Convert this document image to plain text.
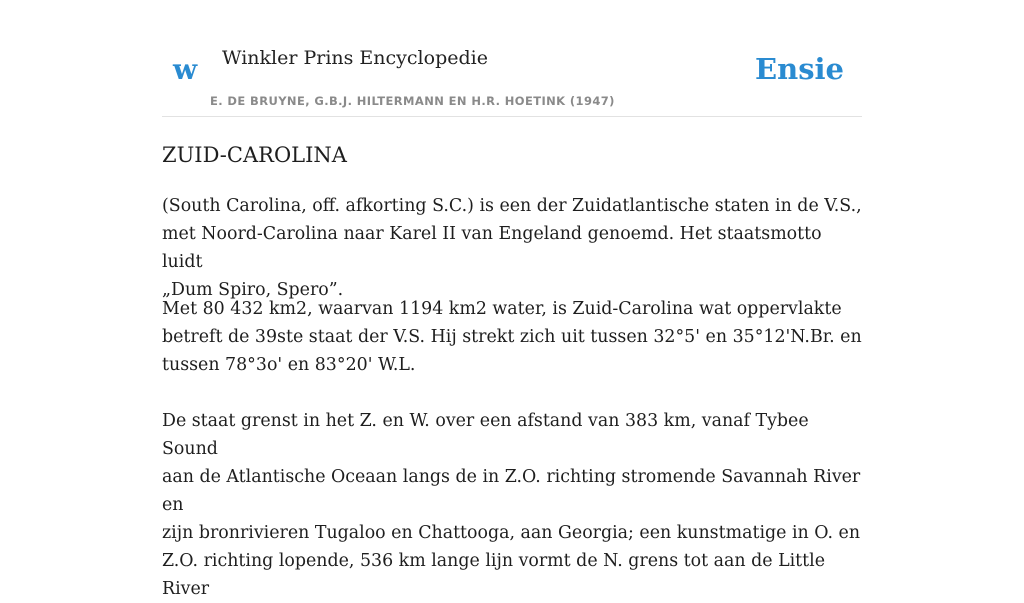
w Winkler Prins Encyclopedie
E. DE BRUYNE, G.B.J. HILTERMANN EN H.R. HOETINK (1947)
Ensie
ZUID-CAROLINA

(South Carolina, off. afkorting S.C.) is een der Zuidatlantische staten in de V.S.,
met Noord-Carolina naar Karel II van Engeland genoemd. Het staatsmotto luidt
„Dum Spiro, Spero”.

Met 80 432 km2, waarvan 1194 km2 water, is Zuid-Carolina wat oppervlakte
betreft de 39ste staat der V.S. Hij strekt zich uit tussen 32°5' en 35°12'N.Br. en
tussen 78°3o' en 83°20' W.L.

De staat grenst in het Z. en W. over een afstand van 383 km, vanaf Tybee Sound
aan de Atlantische Oceaan langs de in Z.O. richting stromende Savannah River en
zijn bronrivieren Tugaloo en Chattooga, aan Georgia; een kunstmatige in O. en
Z.O. richting lopende, 536 km lange lijn vormt de N. grens tot aan de Little River
